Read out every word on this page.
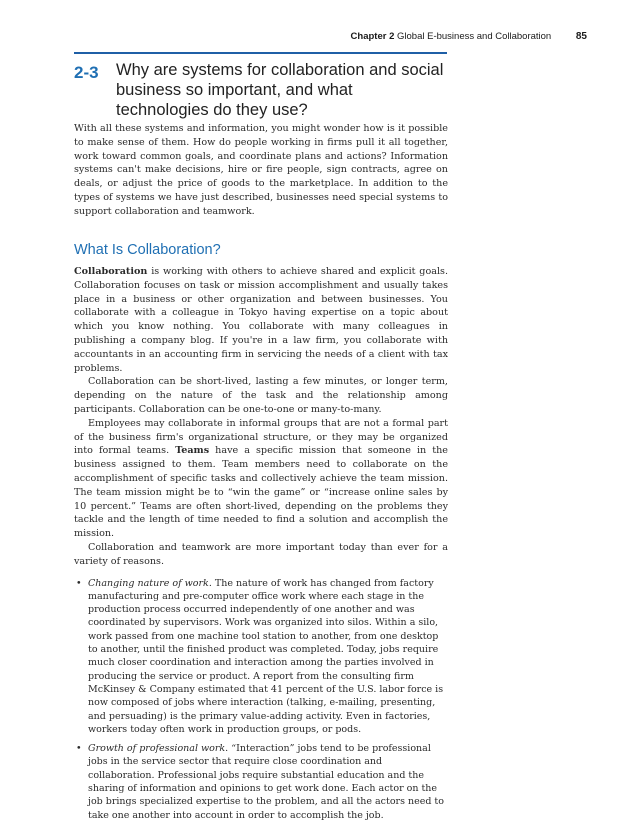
Chapter 2 Global E-business and Collaboration 85
2-3 Why are systems for collaboration and social business so important, and what technologies do they use?
With all these systems and information, you might wonder how is it possible to make sense of them. How do people working in firms pull it all together, work toward common goals, and coordinate plans and actions? Information systems can't make decisions, hire or fire people, sign contracts, agree on deals, or adjust the price of goods to the marketplace. In addition to the types of systems we have just described, businesses need special systems to support collaboration and teamwork.
What Is Collaboration?

Collaboration is working with others to achieve shared and explicit goals. Collaboration focuses on task or mission accomplishment and usually takes place in a business or other organization and between businesses. You collaborate with a colleague in Tokyo having expertise on a topic about which you know nothing. You collaborate with many colleagues in publishing a company blog. If you're in a law firm, you collaborate with accountants in an accounting firm in servicing the needs of a client with tax problems.

Collaboration can be short-lived, lasting a few minutes, or longer term, depending on the nature of the task and the relationship among participants. Collaboration can be one-to-one or many-to-many.

Employees may collaborate in informal groups that are not a formal part of the business firm's organizational structure, or they may be organized into formal teams. Teams have a specific mission that someone in the business assigned to them. Team members need to collaborate on the accomplishment of specific tasks and collectively achieve the team mission. The team mission might be to “win the game” or “increase online sales by 10 percent.” Teams are often short-lived, depending on the problems they tackle and the length of time needed to find a solution and accomplish the mission.

Collaboration and teamwork are more important today than ever for a variety of reasons.

• Changing nature of work. The nature of work has changed from factory manufacturing and pre-computer office work where each stage in the production process occurred independently of one another and was coordinated by supervisors. Work was organized into silos. Within a silo, work passed from one machine tool station to another, from one desktop to another, until the finished product was completed. Today, jobs require much closer coordination and interaction among the parties involved in producing the service or product. A report from the consulting firm McKinsey & Company estimated that 41 percent of the U.S. labor force is now composed of jobs where interaction (talking, e-mailing, presenting, and persuading) is the primary value-adding activity. Even in factories, workers today often work in production groups, or pods.
• Growth of professional work. “Interaction” jobs tend to be professional jobs in the service sector that require close coordination and collaboration. Professional jobs require substantial education and the sharing of information and opinions to get work done. Each actor on the job brings specialized expertise to the problem, and all the actors need to take one another into account in order to accomplish the job.
